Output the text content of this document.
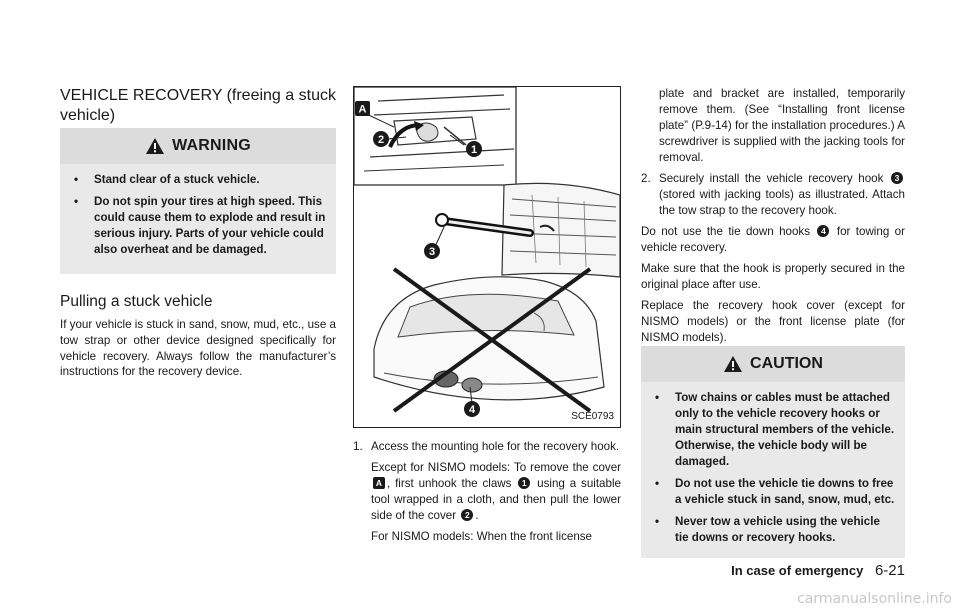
VEHICLE RECOVERY (freeing a stuck vehicle)
WARNING
•	Stand clear of a stuck vehicle.
•	Do not spin your tires at high speed. This could cause them to explode and result in serious injury. Parts of your vehicle could also overheat and be damaged.
Pulling a stuck vehicle

If your vehicle is stuck in sand, snow, mud, etc., use a tow strap or other device designed specifically for vehicle recovery. Always follow the manufacturer’s instructions for the recovery device.

A
2
1
3
4
SCE0793
1. Access the mounting hole for the recovery hook.

Except for NISMO models: To remove the cover A , first unhook the claws 1 using a suitable tool wrapped in a cloth, and then pull the lower side of the cover 2 .

For NISMO models: When the front license

plate and bracket are installed, temporarily remove them. (See “Installing front license plate” (P.9-14) for the installation procedures.) A screwdriver is supplied with the jacking tools for removal.

2. Securely install the vehicle recovery hook 3 (stored with jacking tools) as illustrated. Attach the tow strap to the recovery hook.

Do not use the tie down hooks 4 for towing or vehicle recovery.

Make sure that the hook is properly secured in the original place after use.

Replace the recovery hook cover (except for NISMO models) or the front license plate (for NISMO models).

CAUTION
•	Tow chains or cables must be attached only to the vehicle recovery hooks or main structural members of the vehicle. Otherwise, the vehicle body will be damaged.
•	Do not use the vehicle tie downs to free a vehicle stuck in sand, snow, mud, etc.
•	Never tow a vehicle using the vehicle tie downs or recovery hooks.
In case of emergency 6-21
carmanualsonline.info
